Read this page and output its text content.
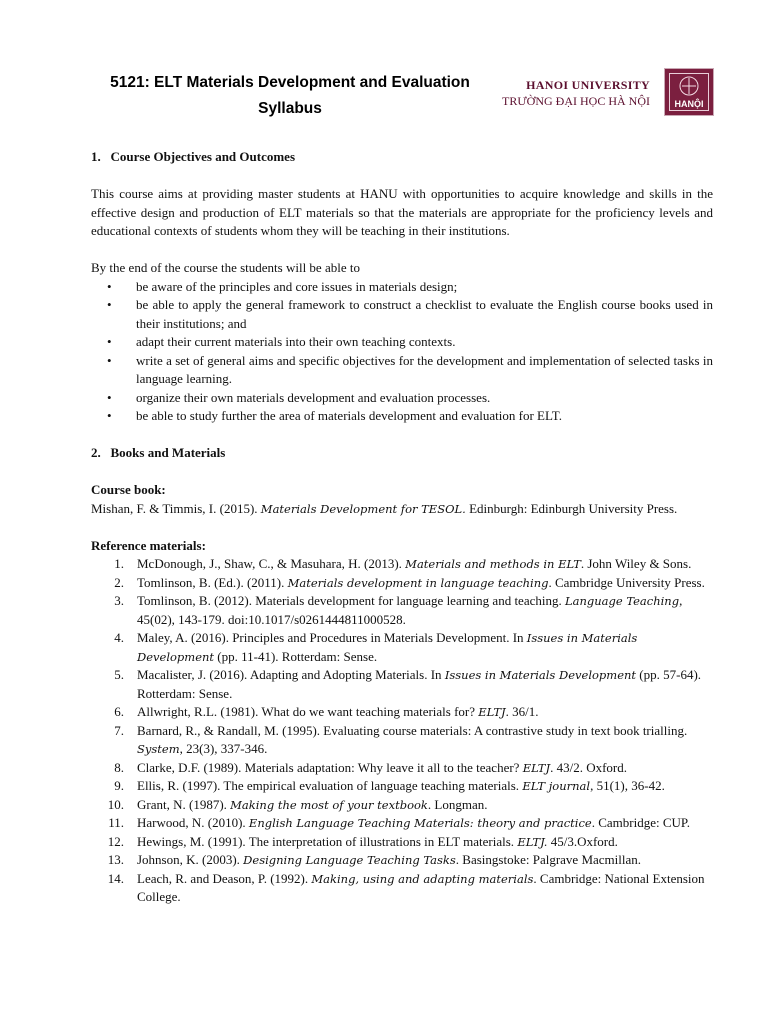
5121: ELT Materials Development and Evaluation
Syllabus
HANOI UNIVERSITY
TRƯỜNG ĐẠI HỌC HÀ NỘI	HANỘI

1.   Course Objectives and Outcomes

This course aims at providing master students at HANU with opportunities to acquire knowledge and skills in the effective design and production of ELT materials so that the materials are appropriate for the proficiency levels and educational contexts of students whom they will be teaching in their institutions.

By the end of the course the students will be able to

• be aware of the principles and core issues in materials design;
• be able to apply the general framework to construct a checklist to evaluate the English course books used in their institutions; and
• adapt their current materials into their own teaching contexts.
• write a set of general aims and specific objectives for the development and implementation of selected tasks in language learning.
• organize their own materials development and evaluation processes.
• be able to study further the area of materials development and evaluation for ELT.

2.   Books and Materials

Course book:

Mishan, F. & Timmis, I. (2015). Materials Development for TESOL. Edinburgh: Edinburgh University Press.

Reference materials:

1. McDonough, J., Shaw, C., & Masuhara, H. (2013). Materials and methods in ELT. John Wiley & Sons.
2. Tomlinson, B. (Ed.). (2011). Materials development in language teaching. Cambridge University Press.
3. Tomlinson, B. (2012). Materials development for language learning and teaching. Language Teaching, 45(02), 143-179. doi:10.1017/s0261444811000528.
4. Maley, A. (2016). Principles and Procedures in Materials Development. In Issues in Materials Development (pp. 11-41). Rotterdam: Sense.
5. Macalister, J. (2016). Adapting and Adopting Materials. In Issues in Materials Development (pp. 57-64). Rotterdam: Sense.
6. Allwright, R.L. (1981). What do we want teaching materials for? ELTJ. 36/1.
7. Barnard, R., & Randall, M. (1995). Evaluating course materials: A contrastive study in text book trialling. System, 23(3), 337-346.
8. Clarke, D.F. (1989). Materials adaptation: Why leave it all to the teacher? ELTJ. 43/2. Oxford.
9. Ellis, R. (1997). The empirical evaluation of language teaching materials. ELT journal, 51(1), 36-42.
10. Grant, N. (1987). Making the most of your textbook. Longman.
11. Harwood, N. (2010). English Language Teaching Materials: theory and practice. Cambridge: CUP.
12. Hewings, M. (1991). The interpretation of illustrations in ELT materials. ELTJ. 45/3.Oxford.
13. Johnson, K. (2003). Designing Language Teaching Tasks. Basingstoke: Palgrave Macmillan.
14. Leach, R. and Deason, P. (1992). Making, using and adapting materials. Cambridge: National Extension College.
